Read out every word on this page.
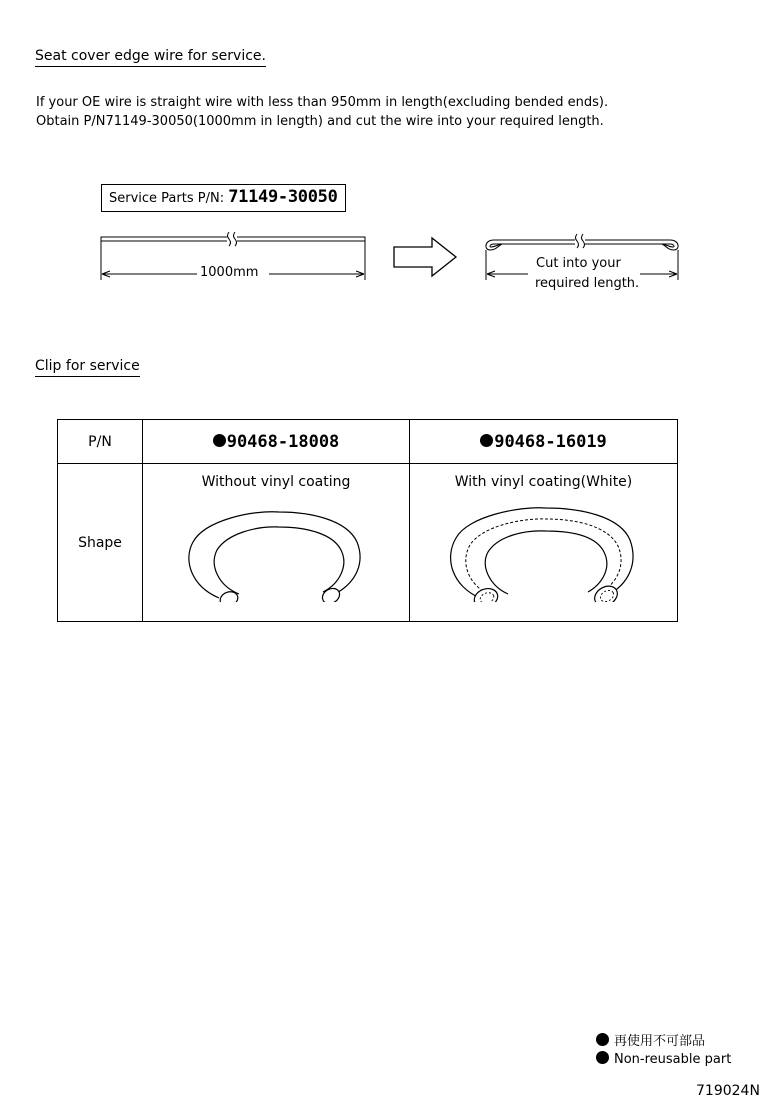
Seat cover edge wire for service.
If your OE wire is straight wire with less than 950mm in length(excluding bended ends).
Obtain P/N71149-30050(1000mm in length) and cut the wire into your required length.
Service Parts P/N: 71149-30050
1000mm
Cut into your
required length.
Clip for service
P/N	90468-18008	90468-16019
Shape	Without vinyl coating	With vinyl coating(White)
再使用不可部品
Non-reusable part
719024N
